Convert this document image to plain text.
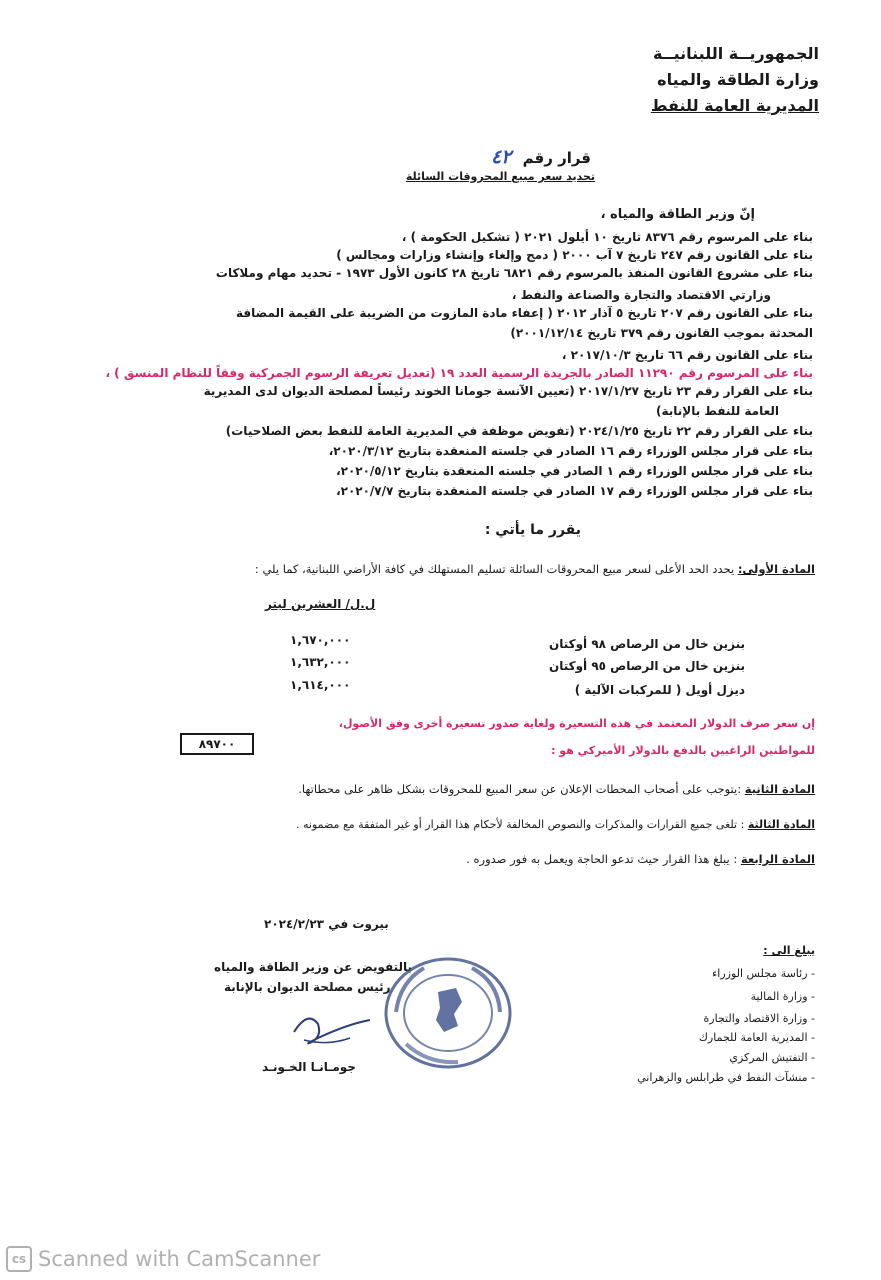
الجمهوريــة اللبنانيــة
وزارة الطاقة والمياه
المديرية العامة للنفط
قرار رقم ٤٢
تحديد سعر مبيع المحروقات السائلة
إنّ وزير الطاقة والمياه ،
بناء على المرسوم رقم ٨٣٧٦ تاريخ ١٠ أيلول ٢٠٢١ ( تشكيل الحكومة ) ،
بناء على القانون رقم ٢٤٧ تاريخ ٧ آب ٢٠٠٠ ( دمج وإلغاء وإنشاء وزارات ومجالس )
بناء على مشروع القانون المنفذ بالمرسوم رقم ٦٨٢١ تاريخ ٢٨ كانون الأول ١٩٧٣ - تحديد مهام وملاكات
وزارتي الاقتصاد والتجارة والصناعة والنفط ،
بناء على القانون رقم ٢٠٧ تاريخ ٥ آذار ٢٠١٢ ( إعفاء مادة المازوت من الضريبة على القيمة المضافة
المحدثة بموجب القانون رقم ٣٧٩ تاريخ ٢٠٠١/١٢/١٤)
بناء على القانون رقم ٦٦ تاريخ ٢٠١٧/١٠/٣ ،
بناء على المرسوم رقم ١١٢٩٠ الصادر بالجريدة الرسمية العدد ١٩ (تعديل تعريفة الرسوم الجمركية وفقاً للنظام المنسق ) ،
بناء على القرار رقم ٢٣ تاريخ ٢٠١٧/١/٢٧ (تعيين الآنسة جومانا الخوند رئيساً لمصلحة الديوان لدى المديرية
العامة للنفط بالإنابة)
بناء على القرار رقم ٢٢ تاريخ ٢٠٢٤/١/٢٥ (تفويض موظفة في المديرية العامة للنفط بعض الصلاحيات)
بناء على قرار مجلس الوزراء رقم ١٦ الصادر في جلسته المنعقدة بتاريخ ٢٠٢٠/٣/١٢،
بناء على قرار مجلس الوزراء رقم ١ الصادر في جلسته المنعقدة بتاريخ ٢٠٢٠/٥/١٢،
بناء على قرار مجلس الوزراء رقم ١٧ الصادر في جلسته المنعقدة بتاريخ ٢٠٢٠/٧/٧،
يقرر ما يأتي :
المادة الأولى: يحدد الحد الأعلى لسعر مبيع المحروقات السائلة تسليم المستهلك في كافة الأراضي اللبنانية، كما يلي :
ل.ل/ العشرين ليتر
بنزين خال من الرصاص ٩٨ أوكتان
١,٦٧٠,٠٠٠
بنزين خال من الرصاص ٩٥ أوكتان
١,٦٣٢,٠٠٠
ديزل أويل ( للمركبات الآلية )
١,٦١٤,٠٠٠
إن سعر صرف الدولار المعتمد في هذه التسعيرة ولغاية صدور تسعيرة أخرى وفق الأصول،
للمواطنين الراغبين بالدفع بالدولار الأميركي هو :
٨٩٧٠٠
المادة الثانية :يتوجب على أصحاب المحطات الإعلان عن سعر المبيع للمحروقات بشكل ظاهر على محطاتها.
المادة الثالثة : تلغى جميع القرارات والمذكرات والنصوص المخالفة لأحكام هذا القرار أو غير المتفقة مع مضمونه .
المادة الرابعة : يبلغ هذا القرار حيث تدعو الحاجة ويعمل به فور صدوره .
بيروت في ٢٠٢٤/٢/٢٣
بالتفويض عن وزير الطاقة والمياه
رئيس مصلحة الديوان بالإنابة
جومـانـا الخـونـد
يبلغ الى :
- رئاسة مجلس الوزراء
- وزارة المالية
- وزارة الاقتصاد والتجارة
- المديرية العامة للجمارك
- التفتيش المركزي
- منشآت النفط في طرابلس والزهراني
cs Scanned with CamScanner
